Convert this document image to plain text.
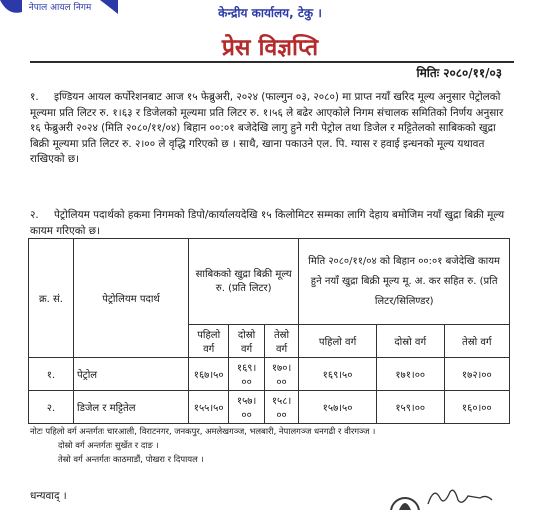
नेपाल आयल निगम	केन्द्रीय कार्यालय, टेकु ।
प्रेस विज्ञप्ति
मितिः २०८०/११/०३
१. इण्डियन आयल कर्पोरेशनबाट आज १५ फेब्रुअरी, २०२४ (फाल्गुन ०३, २०८०) मा प्राप्त नयाँ खरिद मूल्य अनुसार पेट्रोलको मूल्यमा प्रति लिटर रु. १।६३ र डिजेलको मूल्यमा प्रति लिटर रु. १।५६ ले बढेर आएकोले निगम संचालक समितिको निर्णय अनुसार १६ फेब्रुअरी २०२४ (मिति २०८०/११/०४) बिहान ००:०१ बजेदेखि लागु हुने गरी पेट्रोल तथा डिजेल र मट्टितेलको साबिकको खुद्रा बिक्री मूल्यमा प्रति लिटर रु. २।०० ले वृद्धि गरिएको छ । साथै, खाना पकाउने एल. पि. ग्यास र हवाई इन्धनको मूल्य यथावत राखिएको छ।
२. पेट्रोलियम पदार्थको हकमा निगमको डिपो/कार्यालयदेखि १५ किलोमिटर सम्मका लागि देहाय बमोजिम नयाँ खुद्रा बिक्री मूल्य कायम गरिएको छ।
क्र. सं.	पेट्रोलियम पदार्थ	साबिकको खुद्रा बिक्री मूल्य रु. (प्रति लिटर)			मिति २०८०/११/०४ को बिहान ००:०१ बजेदेखि कायम हुने नयाँ खुद्रा बिक्री मूल्य मू. अ. कर सहित रु. (प्रति लिटर/सिलिण्डर)		
		पहिलो वर्ग	दोस्रो वर्ग	तेस्रो वर्ग	पहिलो वर्ग	दोस्रो वर्ग	तेस्रो वर्ग
१.	पेट्रोल	१६७।५०	१६९।००	१७०।००	१६९।५०	१७१।००	१७२।००
२.	डिजेल र मट्टितेल	१५५।५०	१५७।००	१५८।००	१५७।५०	१५९।००	१६०।००
नोटः पहिलो वर्ग अन्तर्गतः चारआली, विराटनगर, जनकपुर, अमलेखगञ्ज, भलबारी, नेपालगञ्ज धनगढी र वीरगञ्ज ।
दोस्रो वर्ग अन्तर्गतः सुर्खेत र दाङ ।
तेस्रो वर्ग अन्तर्गतः काठमाडौं, पोखरा र दिपायल ।
धन्यवाद् ।
